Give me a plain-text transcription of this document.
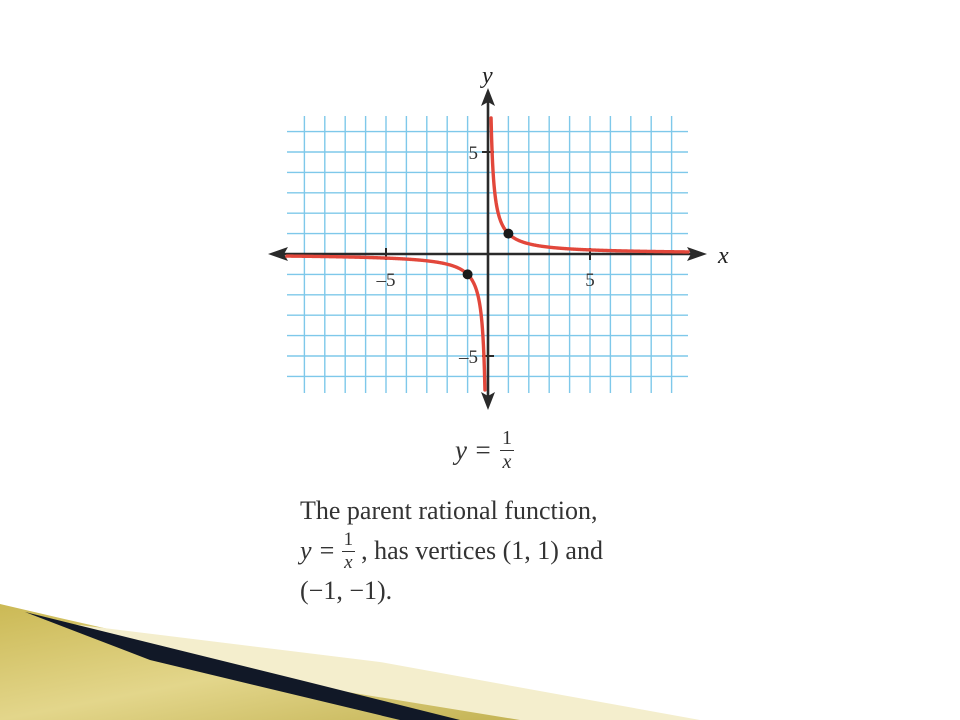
–5	5
5
–5
x
y
$y = \frac{1}{x}$
The parent rational function,
$y = \frac{1}{x}$ , has vertices (1, 1) and
(−1, −1).
